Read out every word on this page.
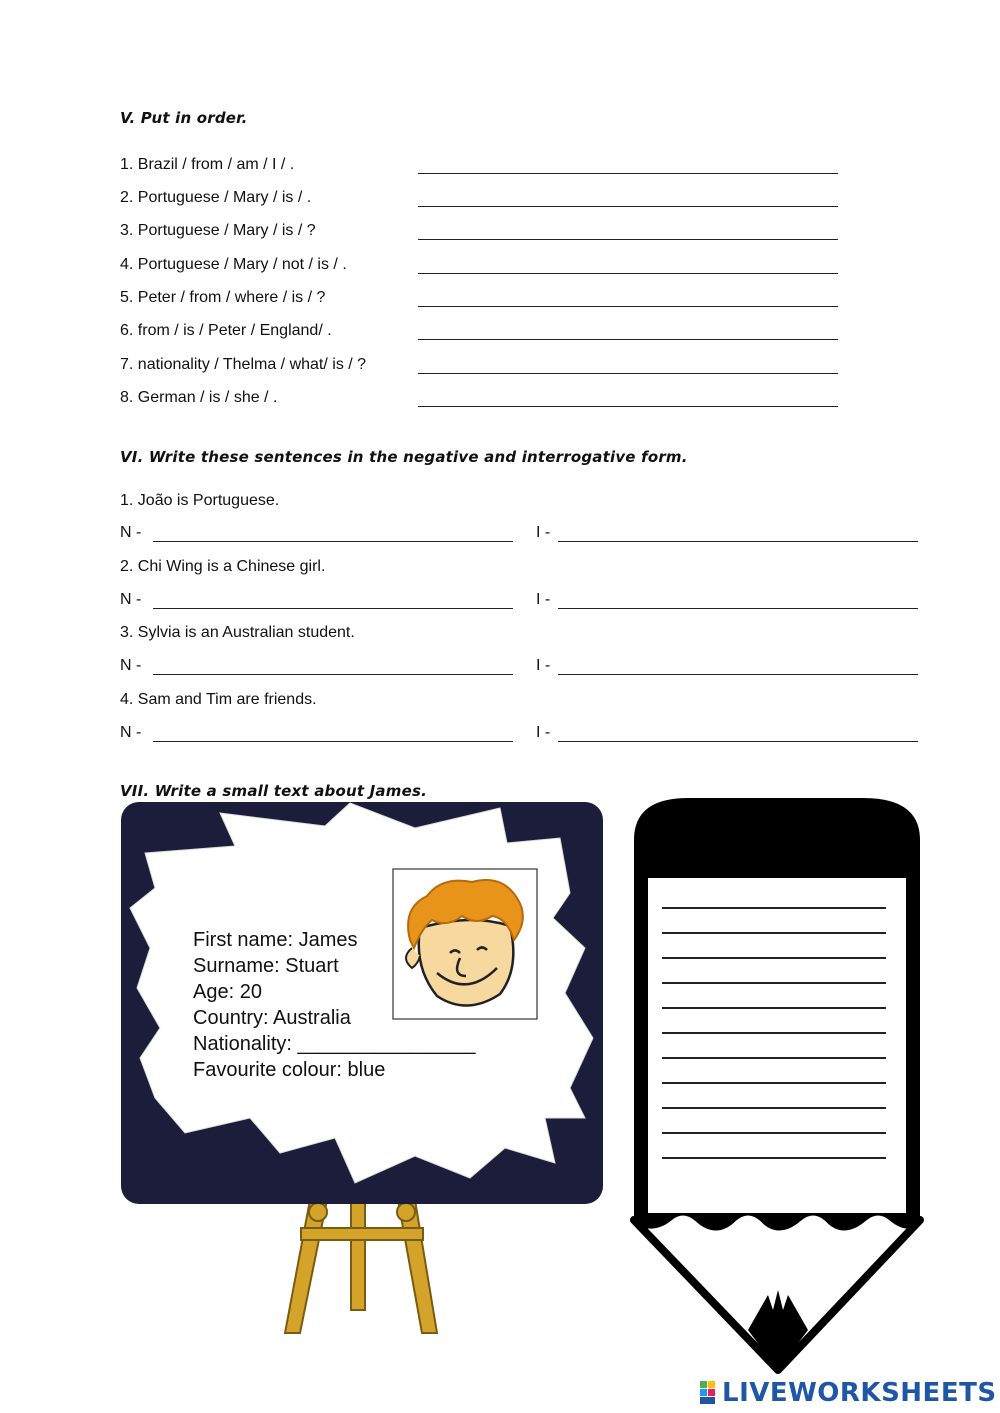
V. Put in order.
1. Brazil / from / am / I / .
2. Portuguese / Mary / is / .
3. Portuguese / Mary / is / ?
4. Portuguese / Mary / not / is / .
5. Peter / from / where / is / ?
6. from / is / Peter / England/ .
7. nationality / Thelma / what/ is / ?
8. German / is / she / .
VI. Write these sentences in the negative and interrogative form.
1. João is Portuguese.
N -	I -
2. Chi Wing is a Chinese girl.
N -	I -
3. Sylvia is an Australian student.
N -	I -
4. Sam and Tim are friends.
N -	I -
VII. Write a small text about James.
First name: James
Surname: Stuart
Age: 20
Country: Australia
Nationality: ________________
Favourite colour: blue
LIVEWORKSHEETS
